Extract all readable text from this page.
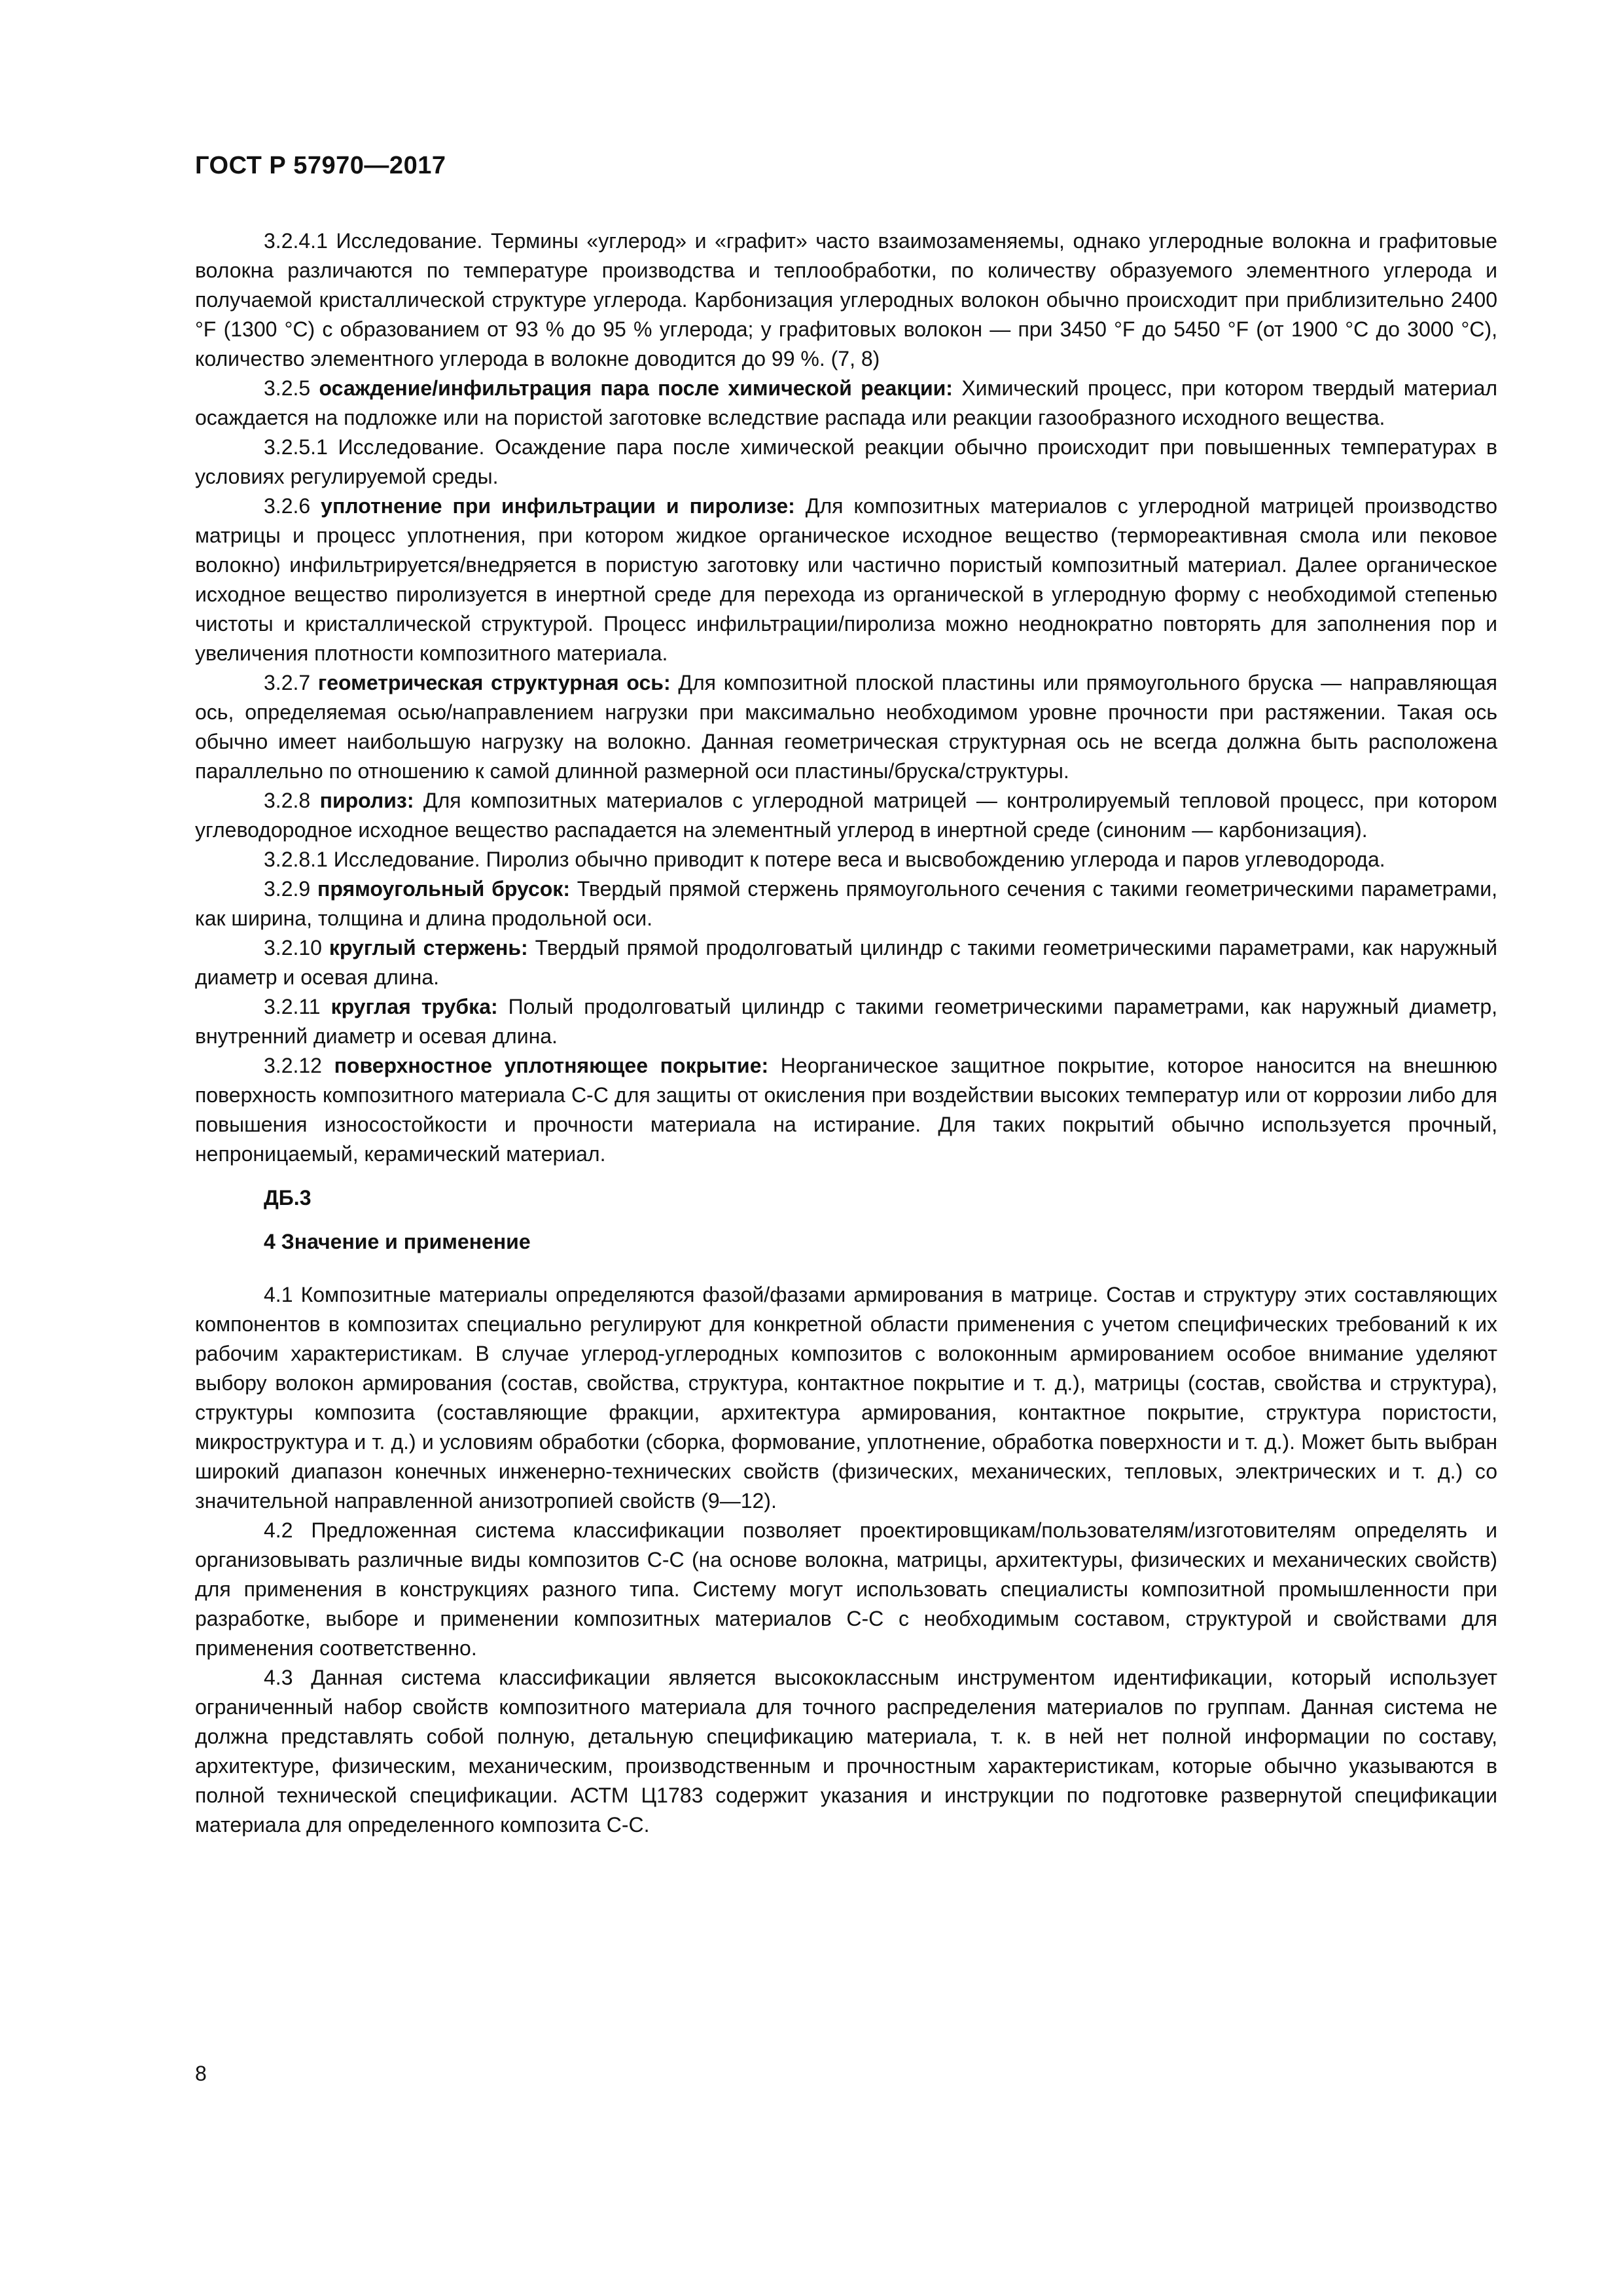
ГОСТ Р 57970—2017

3.2.4.1 Исследование. Термины «углерод» и «графит» часто взаимозаменяемы, однако углеродные волокна и графитовые волокна различаются по температуре производства и теплообработки, по количеству образуемого элементного углерода и получаемой кристаллической структуре углерода. Карбонизация углеродных волокон обычно происходит при приблизительно 2400 °F (1300 °С) с образованием от 93 % до 95 % углерода; у графитовых волокон — при 3450 °F до 5450 °F (от 1900 °С до 3000 °С), количество элементного углерода в волокне доводится до 99 %. (7, 8)

3.2.5 осаждение/инфильтрация пара после химической реакции: Химический процесс, при котором твердый материал осаждается на подложке или на пористой заготовке вследствие распада или реакции газообразного исходного вещества.

3.2.5.1 Исследование. Осаждение пара после химической реакции обычно происходит при повышенных температурах в условиях регулируемой среды.

3.2.6 уплотнение при инфильтрации и пиролизе: Для композитных материалов с углеродной матрицей производство матрицы и процесс уплотнения, при котором жидкое органическое исходное вещество (термореактивная смола или пековое волокно) инфильтрируется/внедряется в пористую заготовку или частично пористый композитный материал. Далее органическое исходное вещество пиролизуется в инертной среде для перехода из органической в углеродную форму с необходимой степенью чистоты и кристаллической структурой. Процесс инфильтрации/пиролиза можно неоднократно повторять для заполнения пор и увеличения плотности композитного материала.

3.2.7 геометрическая структурная ось: Для композитной плоской пластины или прямоугольного бруска — направляющая ось, определяемая осью/направлением нагрузки при максимально необходимом уровне прочности при растяжении. Такая ось обычно имеет наибольшую нагрузку на волокно. Данная геометрическая структурная ось не всегда должна быть расположена параллельно по отношению к самой длинной размерной оси пластины/бруска/структуры.

3.2.8 пиролиз: Для композитных материалов с углеродной матрицей — контролируемый тепловой процесс, при котором углеводородное исходное вещество распадается на элементный углерод в инертной среде (синоним — карбонизация).

3.2.8.1 Исследование. Пиролиз обычно приводит к потере веса и высвобождению углерода и паров углеводорода.

3.2.9 прямоугольный брусок: Твердый прямой стержень прямоугольного сечения с такими геометрическими параметрами, как ширина, толщина и длина продольной оси.

3.2.10 круглый стержень: Твердый прямой продолговатый цилиндр с такими геометрическими параметрами, как наружный диаметр и осевая длина.

3.2.11 круглая трубка: Полый продолговатый цилиндр с такими геометрическими параметрами, как наружный диаметр, внутренний диаметр и осевая длина.

3.2.12 поверхностное уплотняющее покрытие: Неорганическое защитное покрытие, которое наносится на внешнюю поверхность композитного материала С-С для защиты от окисления при воздействии высоких температур или от коррозии либо для повышения износостойкости и прочности материала на истирание. Для таких покрытий обычно используется прочный, непроницаемый, керамический материал.

ДБ.3
4 Значение и применение

4.1 Композитные материалы определяются фазой/фазами армирования в матрице. Состав и структуру этих составляющих компонентов в композитах специально регулируют для конкретной области применения с учетом специфических требований к их рабочим характеристикам. В случае углерод-углеродных композитов с волоконным армированием особое внимание уделяют выбору волокон армирования (состав, свойства, структура, контактное покрытие и т. д.), матрицы (состав, свойства и структура), структуры композита (составляющие фракции, архитектура армирования, контактное покрытие, структура пористости, микроструктура и т. д.) и условиям обработки (сборка, формование, уплотнение, обработка поверхности и т. д.). Может быть выбран широкий диапазон конечных инженерно-технических свойств (физических, механических, тепловых, электрических и т. д.) со значительной направленной анизотропией свойств (9—12).

4.2 Предложенная система классификации позволяет проектировщикам/пользователям/изготовителям определять и организовывать различные виды композитов С-С (на основе волокна, матрицы, архитектуры, физических и механических свойств) для применения в конструкциях разного типа. Систему могут использовать специалисты композитной промышленности при разработке, выборе и применении композитных материалов С-С с необходимым составом, структурой и свойствами для применения соответственно.

4.3 Данная система классификации является высококлассным инструментом идентификации, который использует ограниченный набор свойств композитного материала для точного распределения материалов по группам. Данная система не должна представлять собой полную, детальную спецификацию материала, т. к. в ней нет полной информации по составу, архитектуре, физическим, механическим, производственным и прочностным характеристикам, которые обычно указываются в полной технической спецификации. АСТМ Ц1783 содержит указания и инструкции по подготовке развернутой спецификации материала для определенного композита С-С.

8
